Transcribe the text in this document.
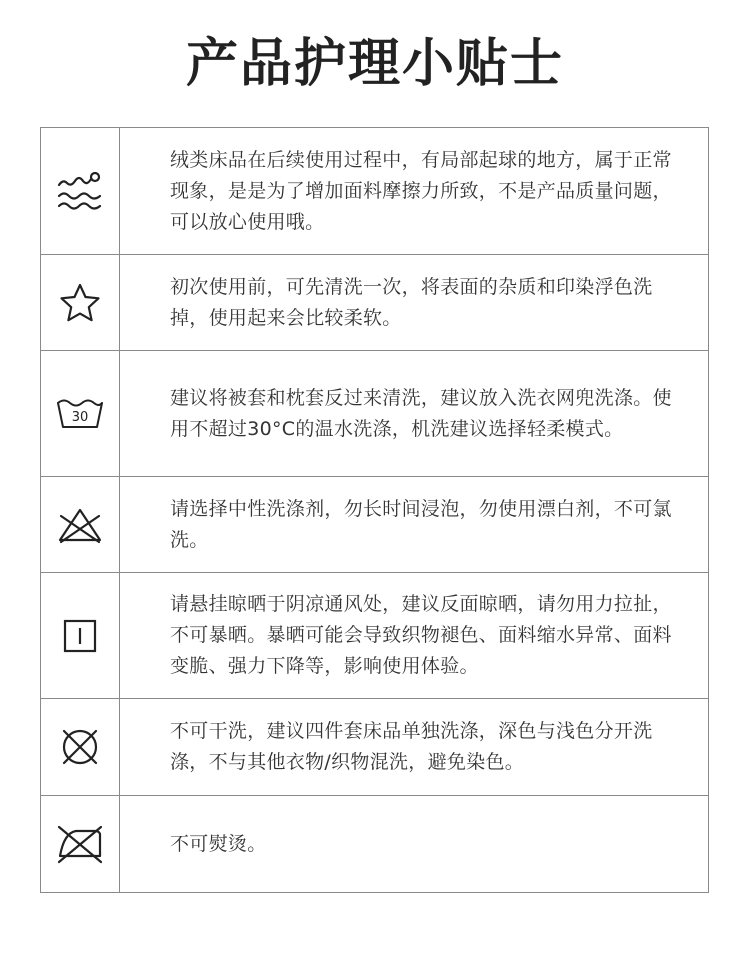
产品护理小贴士

绒类床品在后续使用过程中，有局部起球的地方，属于正常现象，是是为了增加面料摩擦力所致，不是产品质量问题，可以放心使用哦。

初次使用前，可先清洗一次，将表面的杂质和印染浮色洗掉，使用起来会比较柔软。

30

建议将被套和枕套反过来清洗，建议放入洗衣网兜洗涤。使用不超过30°C的温水洗涤，机洗建议选择轻柔模式。

请选择中性洗涤剂，勿长时间浸泡，勿使用漂白剂，不可氯洗。

请悬挂晾晒于阴凉通风处，建议反面晾晒，请勿用力拉扯，不可暴晒。暴晒可能会导致织物褪色、面料缩水异常、面料变脆、强力下降等，影响使用体验。

不可干洗，建议四件套床品单独洗涤，深色与浅色分开洗涤，不与其他衣物/织物混洗，避免染色。

不可熨烫。
